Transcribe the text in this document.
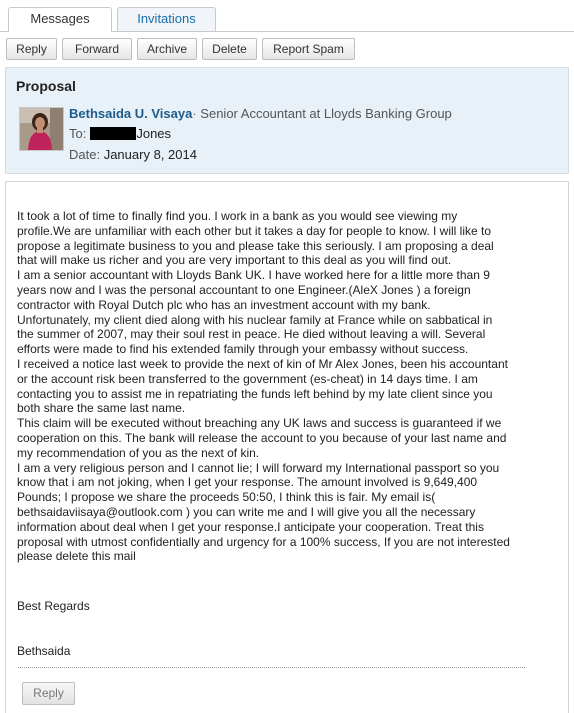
Messages	Invitations
Reply	Forward	Archive	Delete	Report Spam
Proposal
Bethsaida U. Visaya· Senior Accountant at Lloyds Banking Group
To:	Jones
Date: January 8, 2014
It took a lot of time to finally find you. I work in a bank as you would see viewing my
profile.We are unfamiliar with each other but it takes a day for people to know. I will like to
propose a legitimate business to you and please take this seriously. I am proposing a deal
that will make us richer and you are very important to this deal as you will find out.
I am a senior accountant with Lloyds Bank UK. I have worked here for a little more than 9
years now and I was the personal accountant to one Engineer.(AleX Jones ) a foreign
contractor with Royal Dutch plc who has an investment account with my bank.
Unfortunately, my client died along with his nuclear family at France while on sabbatical in
the summer of 2007, may their soul rest in peace. He died without leaving a will. Several
efforts were made to find his extended family through your embassy without success.
I received a notice last week to provide the next of kin of Mr Alex Jones, been his accountant
or the account risk been transferred to the government (es-cheat) in 14 days time. I am
contacting you to assist me in repatriating the funds left behind by my late client since you
both share the same last name.
This claim will be executed without breaching any UK laws and success is guaranteed if we
cooperation on this. The bank will release the account to you because of your last name and
my recommendation of you as the next of kin.
I am a very religious person and I cannot lie; I will forward my International passport so you
know that i am not joking, when I get your response. The amount involved is 9,649,400
Pounds; I propose we share the proceeds 50:50, I think this is fair. My email is(
bethsaidaviisaya@outlook.com ) you can write me and I will give you all the necessary
information about deal when I get your response.I anticipate your cooperation. Treat this
proposal with utmost confidentially and urgency for a 100% success, If you are not interested
please delete this mail
Best Regards
Bethsaida
Reply
